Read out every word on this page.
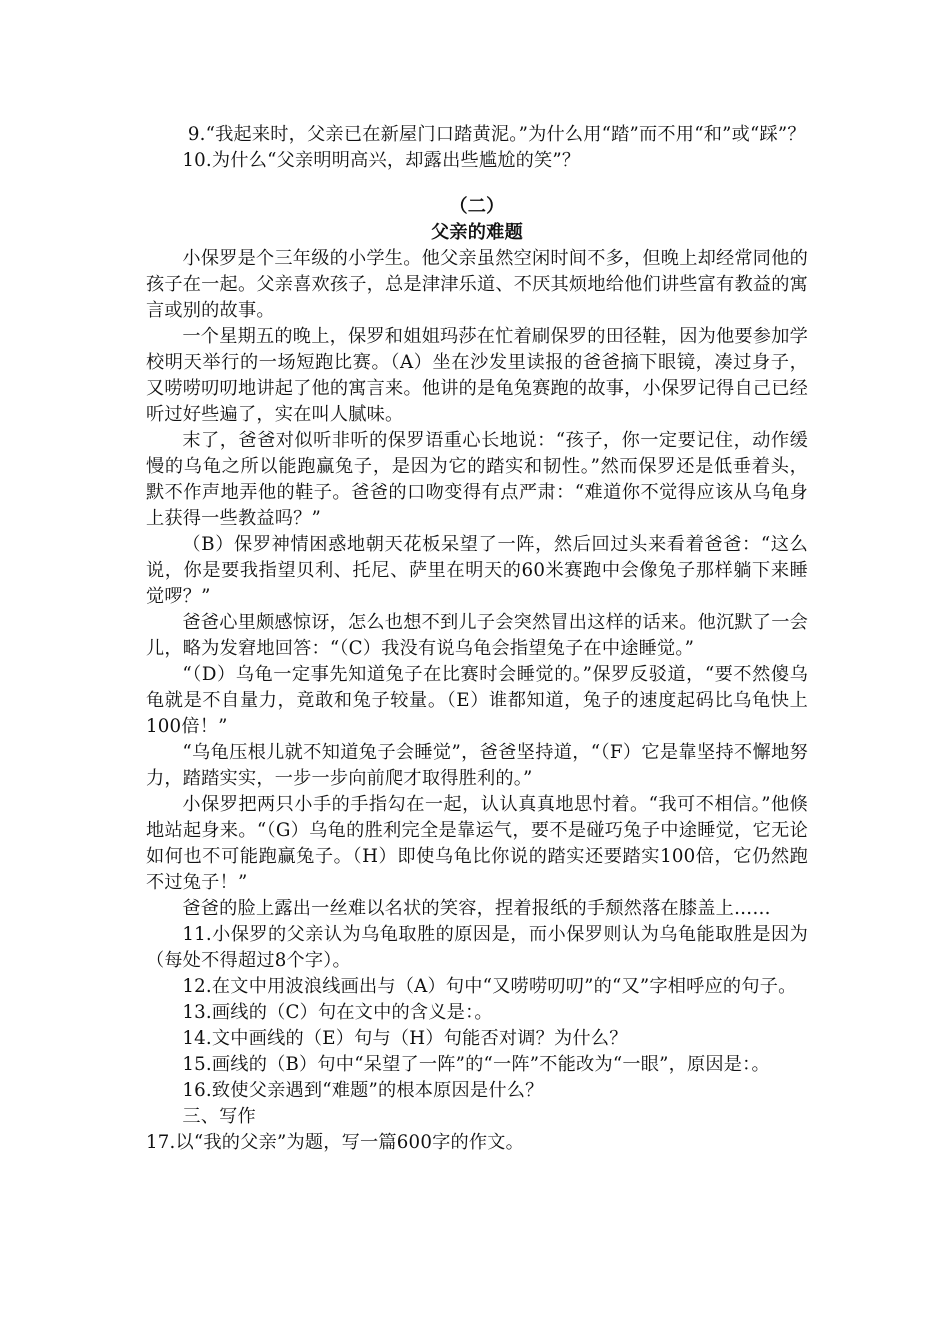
9.“我起来时，父亲已在新屋门口踏黄泥。”为什么用“踏”而不用“和”或“踩”？

10.为什么“父亲明明高兴，却露出些尴尬的笑”？

（二）

父亲的难题

小保罗是个三年级的小学生。他父亲虽然空闲时间不多，但晚上却经常同他的孩子在一起。父亲喜欢孩子，总是津津乐道、不厌其烦地给他们讲些富有教益的寓言或别的故事。

一个星期五的晚上，保罗和姐姐玛莎在忙着刷保罗的田径鞋，因为他要参加学校明天举行的一场短跑比赛。（A）坐在沙发里读报的爸爸摘下眼镜，凑过身子，又唠唠叨叨地讲起了他的寓言来。他讲的是龟兔赛跑的故事，小保罗记得自己已经听过好些遍了，实在叫人腻味。

末了，爸爸对似听非听的保罗语重心长地说：“孩子，你一定要记住，动作缓慢的乌龟之所以能跑赢兔子，是因为它的踏实和韧性。”然而保罗还是低垂着头，默不作声地弄他的鞋子。爸爸的口吻变得有点严肃：“难道你不觉得应该从乌龟身上获得一些教益吗？”

（B）保罗神情困惑地朝天花板呆望了一阵，然后回过头来看着爸爸：“这么说，你是要我指望贝利、托尼、萨里在明天的60米赛跑中会像兔子那样躺下来睡觉啰？”

爸爸心里颇感惊讶，怎么也想不到儿子会突然冒出这样的话来。他沉默了一会儿，略为发窘地回答：“（C）我没有说乌龟会指望兔子在中途睡觉。”

“（D）乌龟一定事先知道兔子在比赛时会睡觉的。”保罗反驳道，“要不然傻乌龟就是不自量力，竟敢和兔子较量。（E）谁都知道，兔子的速度起码比乌龟快上100倍！”

“乌龟压根儿就不知道兔子会睡觉”，爸爸坚持道，“（F）它是靠坚持不懈地努力，踏踏实实，一步一步向前爬才取得胜利的。”

小保罗把两只小手的手指勾在一起，认认真真地思忖着。“我可不相信。”他倏地站起身来。“（G）乌龟的胜利完全是靠运气，要不是碰巧兔子中途睡觉，它无论如何也不可能跑赢兔子。（H）即使乌龟比你说的踏实还要踏实100倍，它仍然跑不过兔子！”

爸爸的脸上露出一丝难以名状的笑容，捏着报纸的手颓然落在膝盖上……

11.小保罗的父亲认为乌龟取胜的原因是，而小保罗则认为乌龟能取胜是因为（每处不得超过8个字）。

12.在文中用波浪线画出与（A）句中“又唠唠叨叨”的“又”字相呼应的句子。

13.画线的（C）句在文中的含义是：。

14.文中画线的（E）句与（H）句能否对调？为什么？

15.画线的（B）句中“呆望了一阵”的“一阵”不能改为“一眼”，原因是：。

16.致使父亲遇到“难题”的根本原因是什么？

三、写作

17.以“我的父亲”为题，写一篇600字的作文。
